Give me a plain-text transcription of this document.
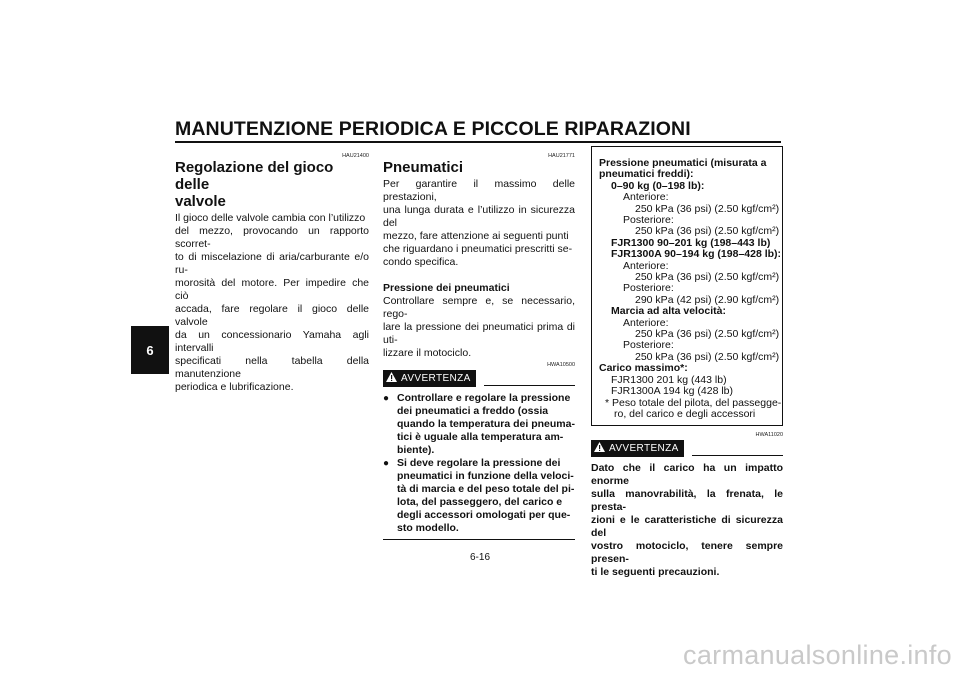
MANUTENZIONE PERIODICA E PICCOLE RIPARAZIONI
6
HAU21400
Regolazione del gioco delle
valvole
Il gioco delle valvole cambia con l’utilizzo
del mezzo, provocando un rapporto scorret-
to di miscelazione di aria/carburante e/o ru-
morosità del motore. Per impedire che ciò
accada, fare regolare il gioco delle valvole
da un concessionario Yamaha agli intervalli
specificati nella tabella della manutenzione
periodica e lubrificazione.
HAU21771
Pneumatici
Per garantire il massimo delle prestazioni,
una lunga durata e l’utilizzo in sicurezza del
mezzo, fare attenzione ai seguenti punti
che riguardano i pneumatici prescritti se-
condo specifica.
Pressione dei pneumatici
Controllare sempre e, se necessario, rego-
lare la pressione dei pneumatici prima di uti-
lizzare il motociclo.
HWA10500
AVVERTENZA
● Controllare e regolare la pressione
dei pneumatici a freddo (ossia
quando la temperatura dei pneuma-
tici è uguale alla temperatura am-
biente).
● Si deve regolare la pressione dei
pneumatici in funzione della veloci-
tà di marcia e del peso totale del pi-
lota, del passeggero, del carico e
degli accessori omologati per que-
sto modello.
Pressione pneumatici (misurata a
pneumatici freddi):
0–90 kg (0–198 lb):
Anteriore:
250 kPa (36 psi) (2.50 kgf/cm²)
Posteriore:
250 kPa (36 psi) (2.50 kgf/cm²)
FJR1300 90–201 kg (198–443 lb)
FJR1300A 90–194 kg (198–428 lb):
Anteriore:
250 kPa (36 psi) (2.50 kgf/cm²)
Posteriore:
290 kPa (42 psi) (2.90 kgf/cm²)
Marcia ad alta velocità:
Anteriore:
250 kPa (36 psi) (2.50 kgf/cm²)
Posteriore:
250 kPa (36 psi) (2.50 kgf/cm²)
Carico massimo*:
FJR1300 201 kg (443 lb)
FJR1300A 194 kg (428 lb)
* Peso totale del pilota, del passegge-
ro, del carico e degli accessori
HWA11020
AVVERTENZA
Dato che il carico ha un impatto enorme
sulla manovrabilità, la frenata, le presta-
zioni e le caratteristiche di sicurezza del
vostro motociclo, tenere sempre presen-
ti le seguenti precauzioni.
6-16
carmanualsonline.info
